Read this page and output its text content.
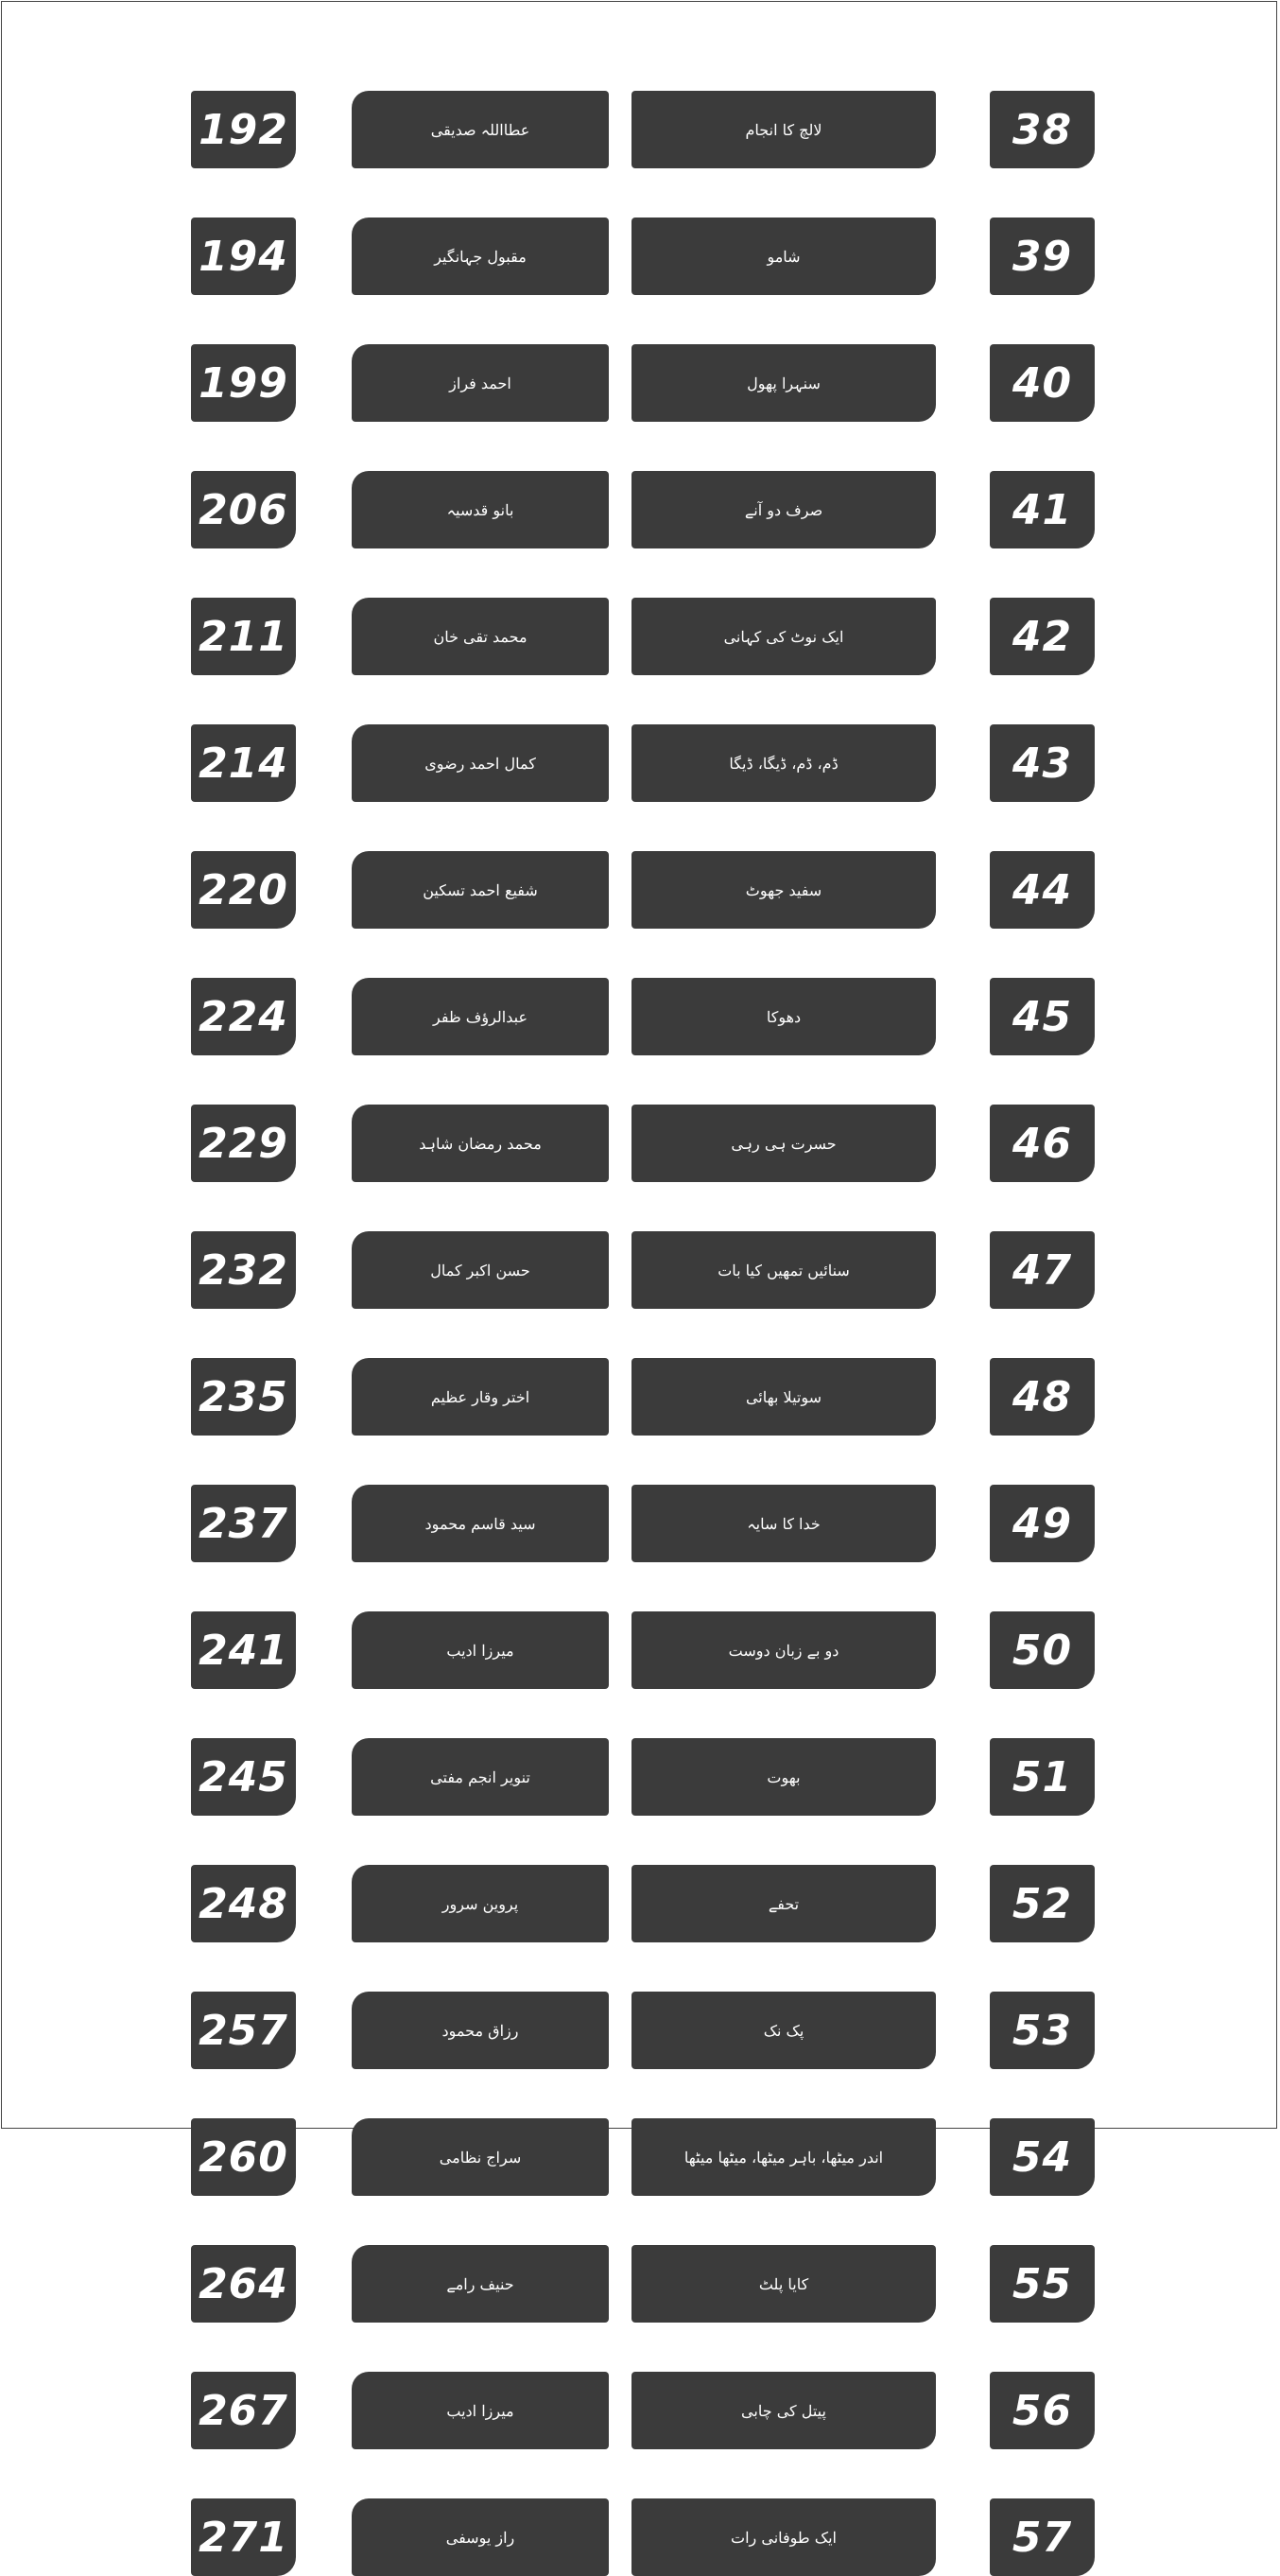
192	عطااللہ صدیقی	لالچ کا انجام	38
194	مقبول جہانگیر	شامو	39
199	احمد فراز	سنہرا پھول	40
206	بانو قدسیہ	صرف دو آنے	41
211	محمد تقی خان	ایک نوٹ کی کہانی	42
214	کمال احمد رضوی	ڈم، ڈم، ڈیگا، ڈیگا	43
220	شفیع احمد تسکین	سفید جھوٹ	44
224	عبدالرؤف ظفر	دھوکا	45
229	محمد رمضان شاہد	حسرت ہی رہی	46
232	حسن اکبر کمال	سنائیں تمھیں کیا بات	47
235	اختر وقار عظیم	سوتیلا بھائی	48
237	سید قاسم محمود	خدا کا سایہ	49
241	میرزا ادیب	دو بے زبان دوست	50
245	تنویر انجم مفتی	بھوت	51
248	پروین سرور	تحفے	52
257	رزاق محمود	پک نک	53
260	سراج نظامی	اندر میٹھا، باہر میٹھا، میٹھا میٹھا	54
264	حنیف رامے	کایا پلٹ	55
267	میرزا ادیب	پیتل کی چابی	56
271	راز یوسفی	ایک طوفانی رات	57
